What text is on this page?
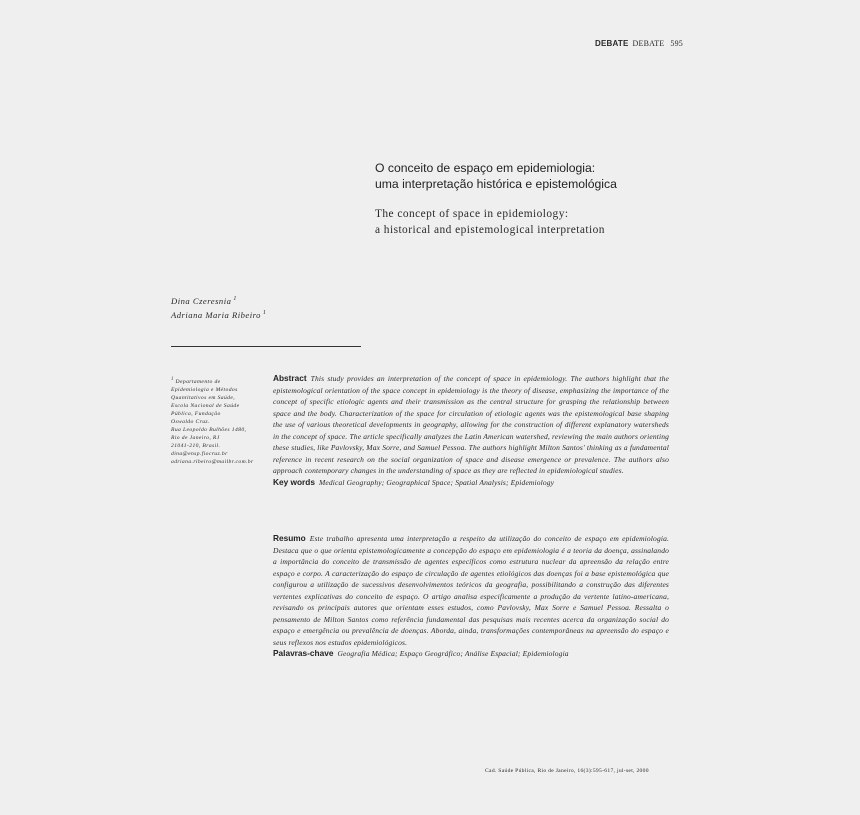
DEBATE DEBATE 595
O conceito de espaço em epidemiologia:
uma interpretação histórica e epistemológica
The concept of space in epidemiology:
a historical and epistemological interpretation
Dina Czeresnia $^1$
Adriana Maria Ribeiro $^1$
$^1$ Departamento de
Epidemiologia e Métodos
Quantitativos em Saúde,
Escola Nacional de Saúde
Pública, Fundação
Oswaldo Cruz.
Rua Leopoldo Bulhões 1480,
Rio de Janeiro, RJ
21041-210, Brasil.
dina@ensp.fiocruz.br
adriana.ribeiro@mailbr.com.br
Abstract This study provides an interpretation of the concept of space in epidemiology. The authors highlight that the epistemological orientation of the space concept in epidemiology is the theory of disease, emphasizing the importance of the concept of specific etiologic agents and their transmission as the central structure for grasping the relationship between space and the body. Characterization of the space for circulation of etiologic agents was the epistemological base shaping the use of various theoretical developments in geography, allowing for the construction of different explanatory watersheds in the concept of space. The article specifically analyzes the Latin American watershed, reviewing the main authors orienting these studies, like Pavlovsky, Max Sorre, and Samuel Pessoa. The authors highlight Milton Santos' thinking as a fundamental reference in recent research on the social organization of space and disease emergence or prevalence. The authors also approach contemporary changes in the understanding of space as they are reflected in epidemiological studies.
Key words Medical Geography; Geographical Space; Spatial Analysis; Epidemiology
Resumo Este trabalho apresenta uma interpretação a respeito da utilização do conceito de espaço em epidemiologia. Destaca que o que orienta epistemologicamente a concepção do espaço em epidemiologia é a teoria da doença, assinalando a importância do conceito de transmissão de agentes específicos como estrutura nuclear da apreensão da relação entre espaço e corpo. A caracterização do espaço de circulação de agentes etiológicos das doenças foi a base epistemológica que configurou a utilização de sucessivos desenvolvimentos teóricos da geografia, possibilitando a construção das diferentes vertentes explicativas do conceito de espaço. O artigo analisa especificamente a produção da vertente latino-americana, revisando os principais autores que orientam esses estudos, como Pavlovsky, Max Sorre e Samuel Pessoa. Ressalta o pensamento de Milton Santos como referência fundamental das pesquisas mais recentes acerca da organização social do espaço e emergência ou prevalência de doenças. Aborda, ainda, transformações contemporâneas na apreensão do espaço e seus reflexos nos estudos epidemiológicos.
Palavras-chave Geografia Médica; Espaço Geográfico; Análise Espacial; Epidemiologia
Cad. Saúde Pública, Rio de Janeiro, 16(3):595-617, jul-set, 2000
